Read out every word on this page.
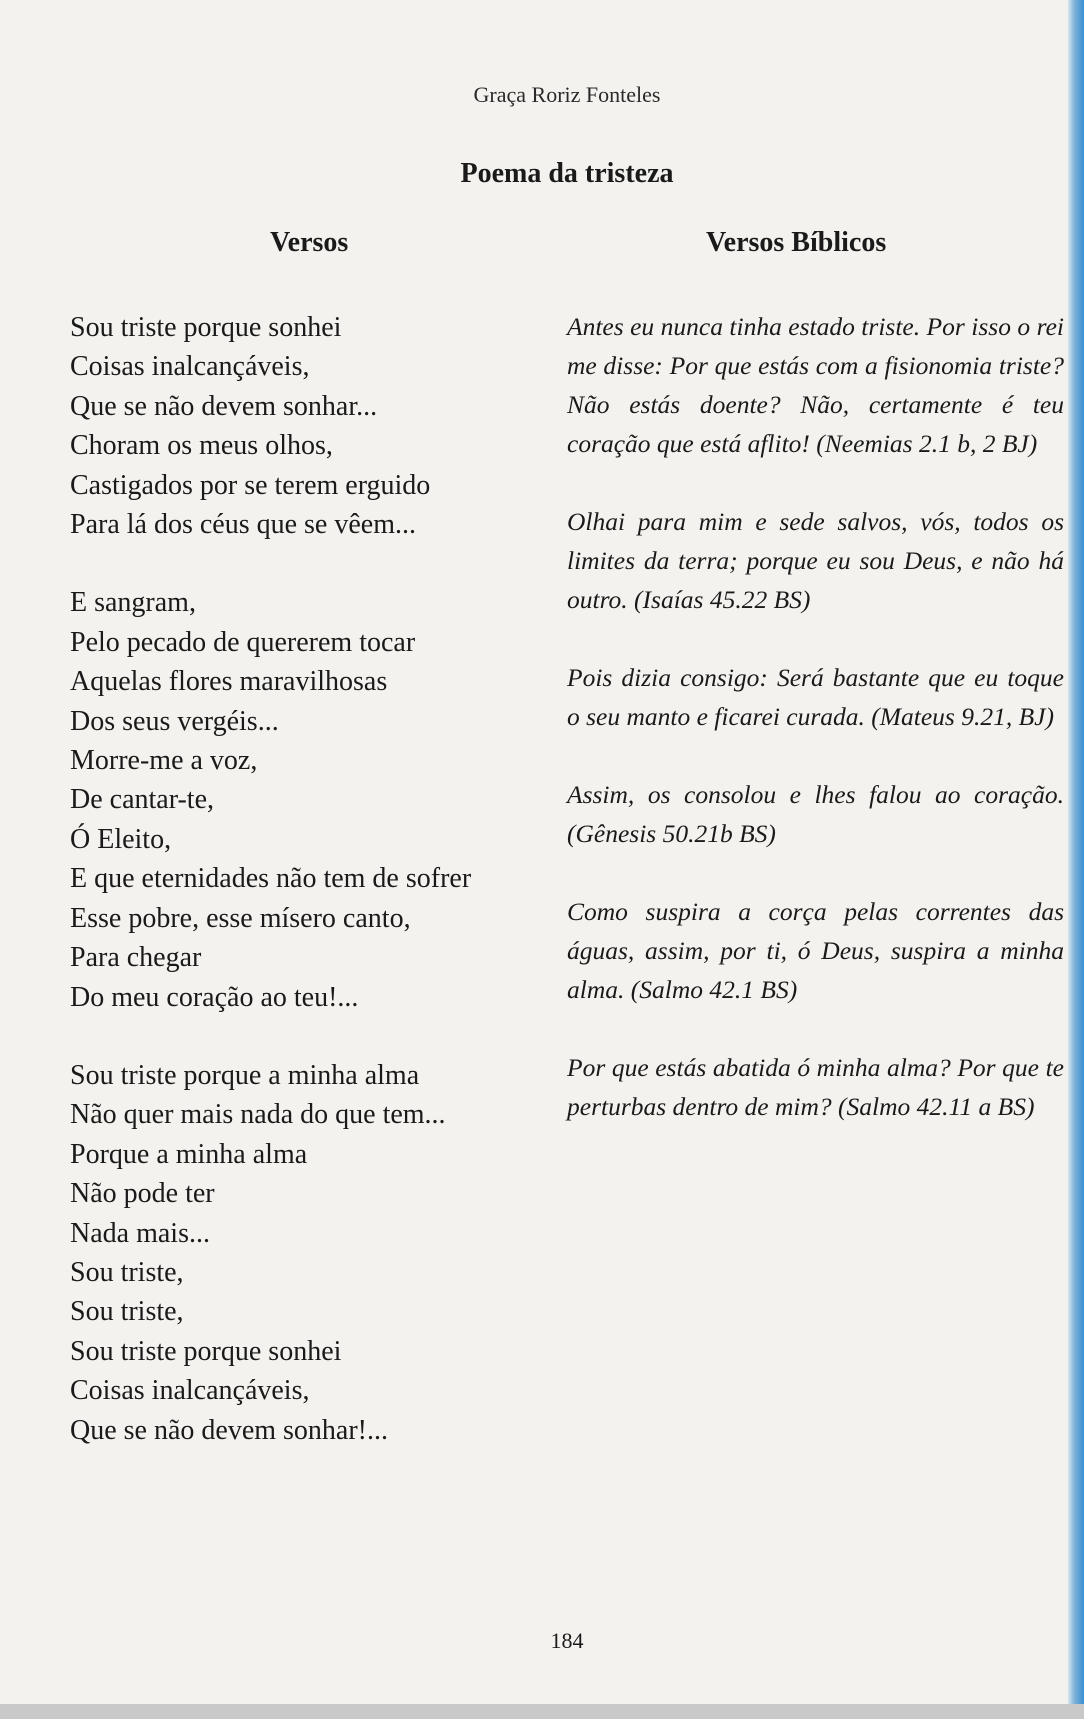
Graça Roriz Fonteles
Poema da tristeza
Versos	Versos Bíblicos

Sou triste porque sonhei
Coisas inalcançáveis,
Que se não devem sonhar...
Choram os meus olhos,
Castigados por se terem erguido
Para lá dos céus que se vêem...

E sangram,
Pelo pecado de quererem tocar
Aquelas flores maravilhosas
Dos seus vergéis...
Morre-me a voz,
De cantar-te,
Ó Eleito,
E que eternidades não tem de sofrer
Esse pobre, esse mísero canto,
Para chegar
Do meu coração ao teu!...

Sou triste porque a minha alma
Não quer mais nada do que tem...
Porque a minha alma
Não pode ter
Nada mais...
Sou triste,
Sou triste,
Sou triste porque sonhei
Coisas inalcançáveis,
Que se não devem sonhar!...

Antes eu nunca tinha estado triste. Por isso o rei me disse: Por que estás com a fisionomia triste? Não estás doente? Não, certamente é teu coração que está aflito! (Neemias 2.1 b, 2 BJ)

Olhai para mim e sede salvos, vós, todos os limites da terra; porque eu sou Deus, e não há outro. (Isaías 45.22 BS)

Pois dizia consigo: Será bastante que eu toque o seu manto e ficarei curada. (Mateus 9.21, BJ)

Assim, os consolou e lhes falou ao coração. (Gênesis 50.21b BS)

Como suspira a corça pelas correntes das águas, assim, por ti, ó Deus, suspira a minha alma. (Salmo 42.1 BS)

Por que estás abatida ó minha alma? Por que te perturbas dentro de mim? (Salmo 42.11 a BS)

184
